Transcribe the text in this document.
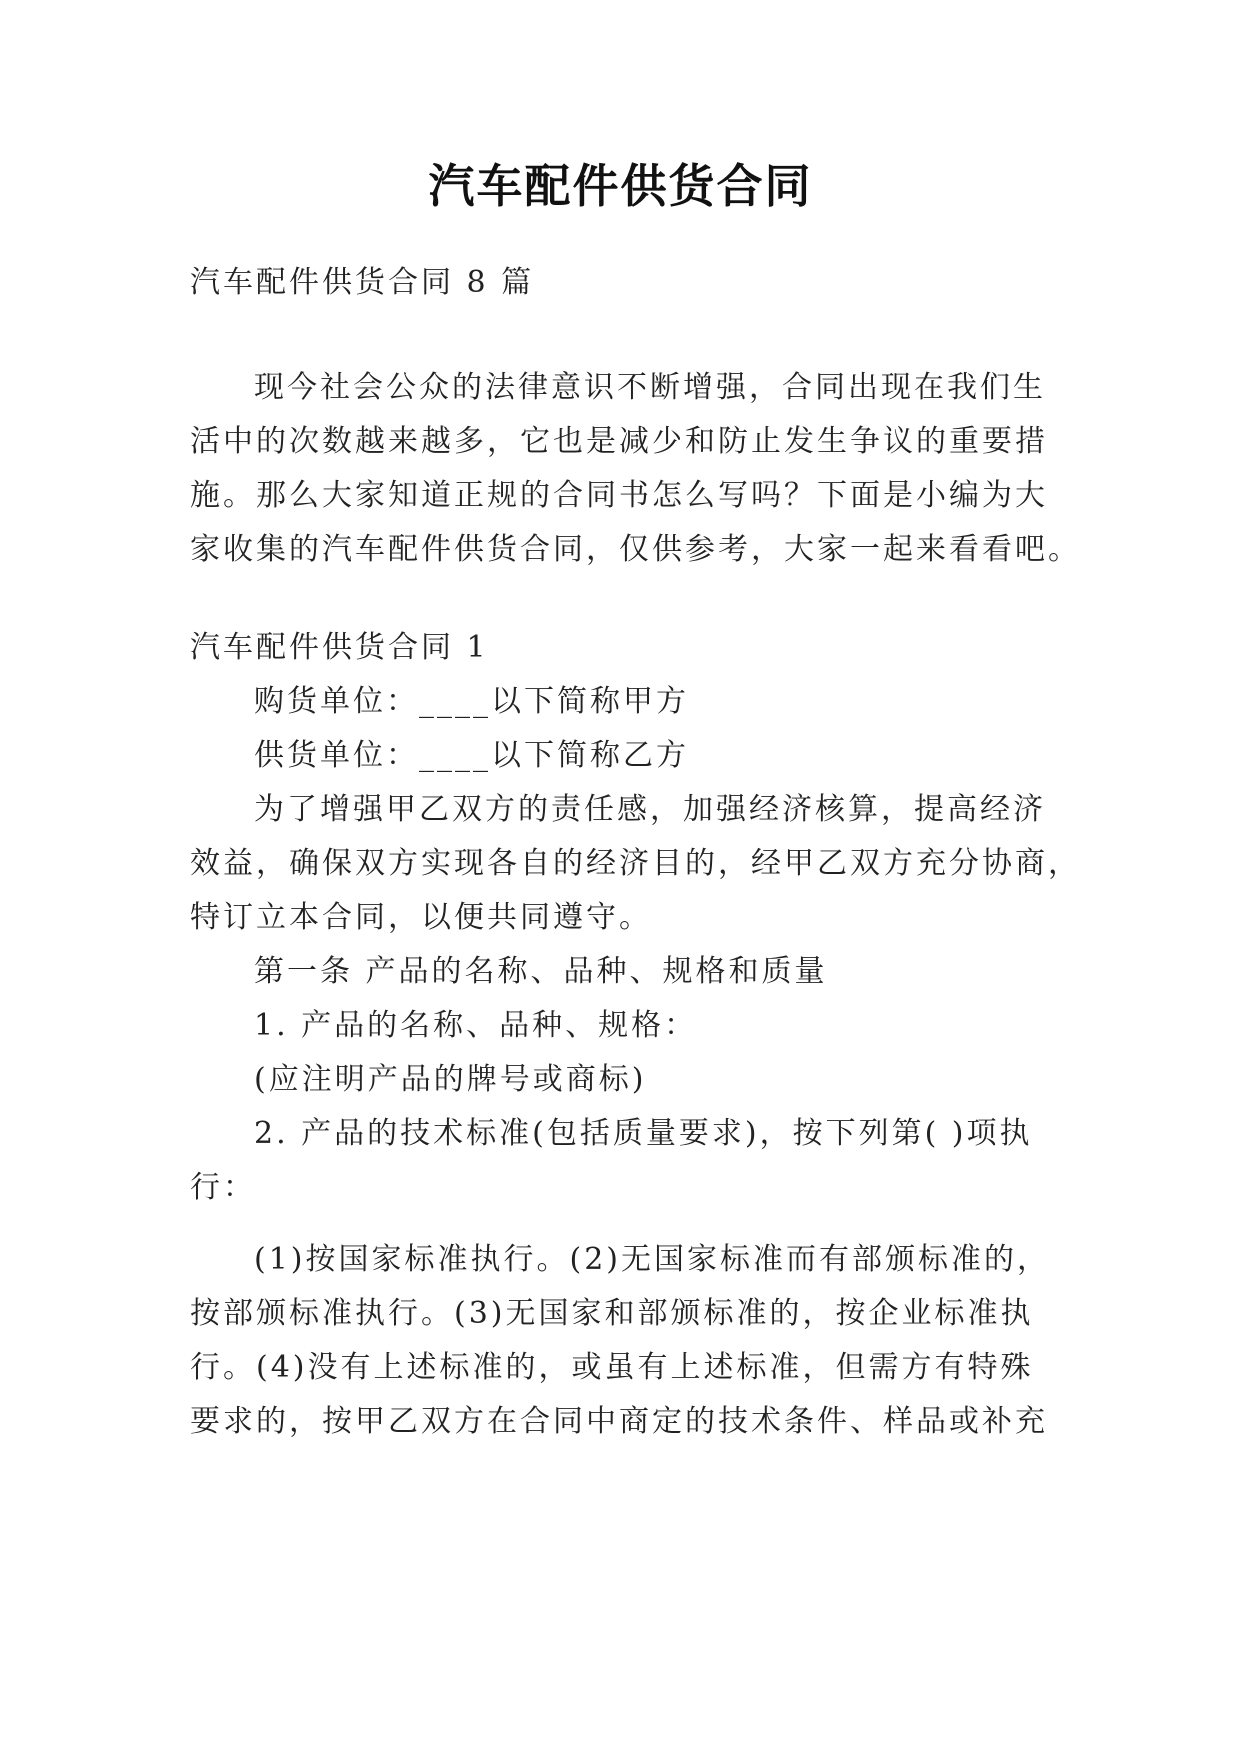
汽车配件供货合同
汽车配件供货合同 8 篇
现今社会公众的法律意识不断增强，合同出现在我们生
活中的次数越来越多，它也是减少和防止发生争议的重要措
施。那么大家知道正规的合同书怎么写吗？下面是小编为大
家收集的汽车配件供货合同，仅供参考，大家一起来看看吧。
汽车配件供货合同 1
购货单位：____以下简称甲方
供货单位：____以下简称乙方
为了增强甲乙双方的责任感，加强经济核算，提高经济
效益，确保双方实现各自的经济目的，经甲乙双方充分协商，
特订立本合同，以便共同遵守。
第一条 产品的名称、品种、规格和质量
1. 产品的名称、品种、规格：
(应注明产品的牌号或商标)
2. 产品的技术标准(包括质量要求)，按下列第( )项执
行：
(1)按国家标准执行。(2)无国家标准而有部颁标准的，
按部颁标准执行。(3)无国家和部颁标准的，按企业标准执
行。(4)没有上述标准的，或虽有上述标准，但需方有特殊
要求的，按甲乙双方在合同中商定的技术条件、样品或补充
